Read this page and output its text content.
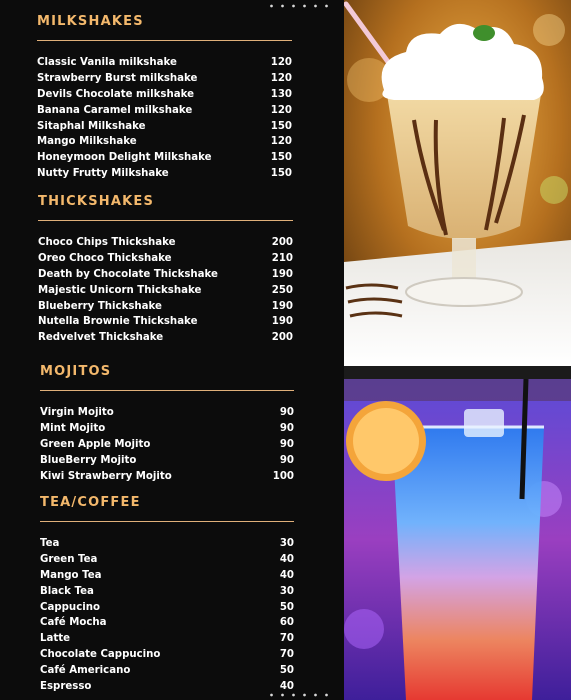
MILKSHAKES
Classic Vanila milkshake	120
Strawberry Burst milkshake	120
Devils Chocolate milkshake	130
Banana Caramel milkshake	120
Sitaphal Milkshake	150
Mango Milkshake	120
Honeymoon Delight Milkshake	150
Nutty Frutty Milkshake	150
THICKSHAKES
Choco Chips Thickshake	200
Oreo Choco Thickshake	210
Death by Chocolate Thickshake	190
Majestic Unicorn Thickshake	250
Blueberry Thickshake	190
Nutella Brownie Thickshake	190
Redvelvet Thickshake	200
MOJITOS
Virgin Mojito	90
Mint Mojito	90
Green Apple Mojito	90
BlueBerry Mojito	90
Kiwi Strawberry Mojito	100
TEA/COFFEE
Tea	30
Green Tea	40
Mango Tea	40
Black Tea	30
Cappucino	50
Café Mocha	60
Latte	70
Chocolate Cappucino	70
Café Americano	50
Espresso	40
